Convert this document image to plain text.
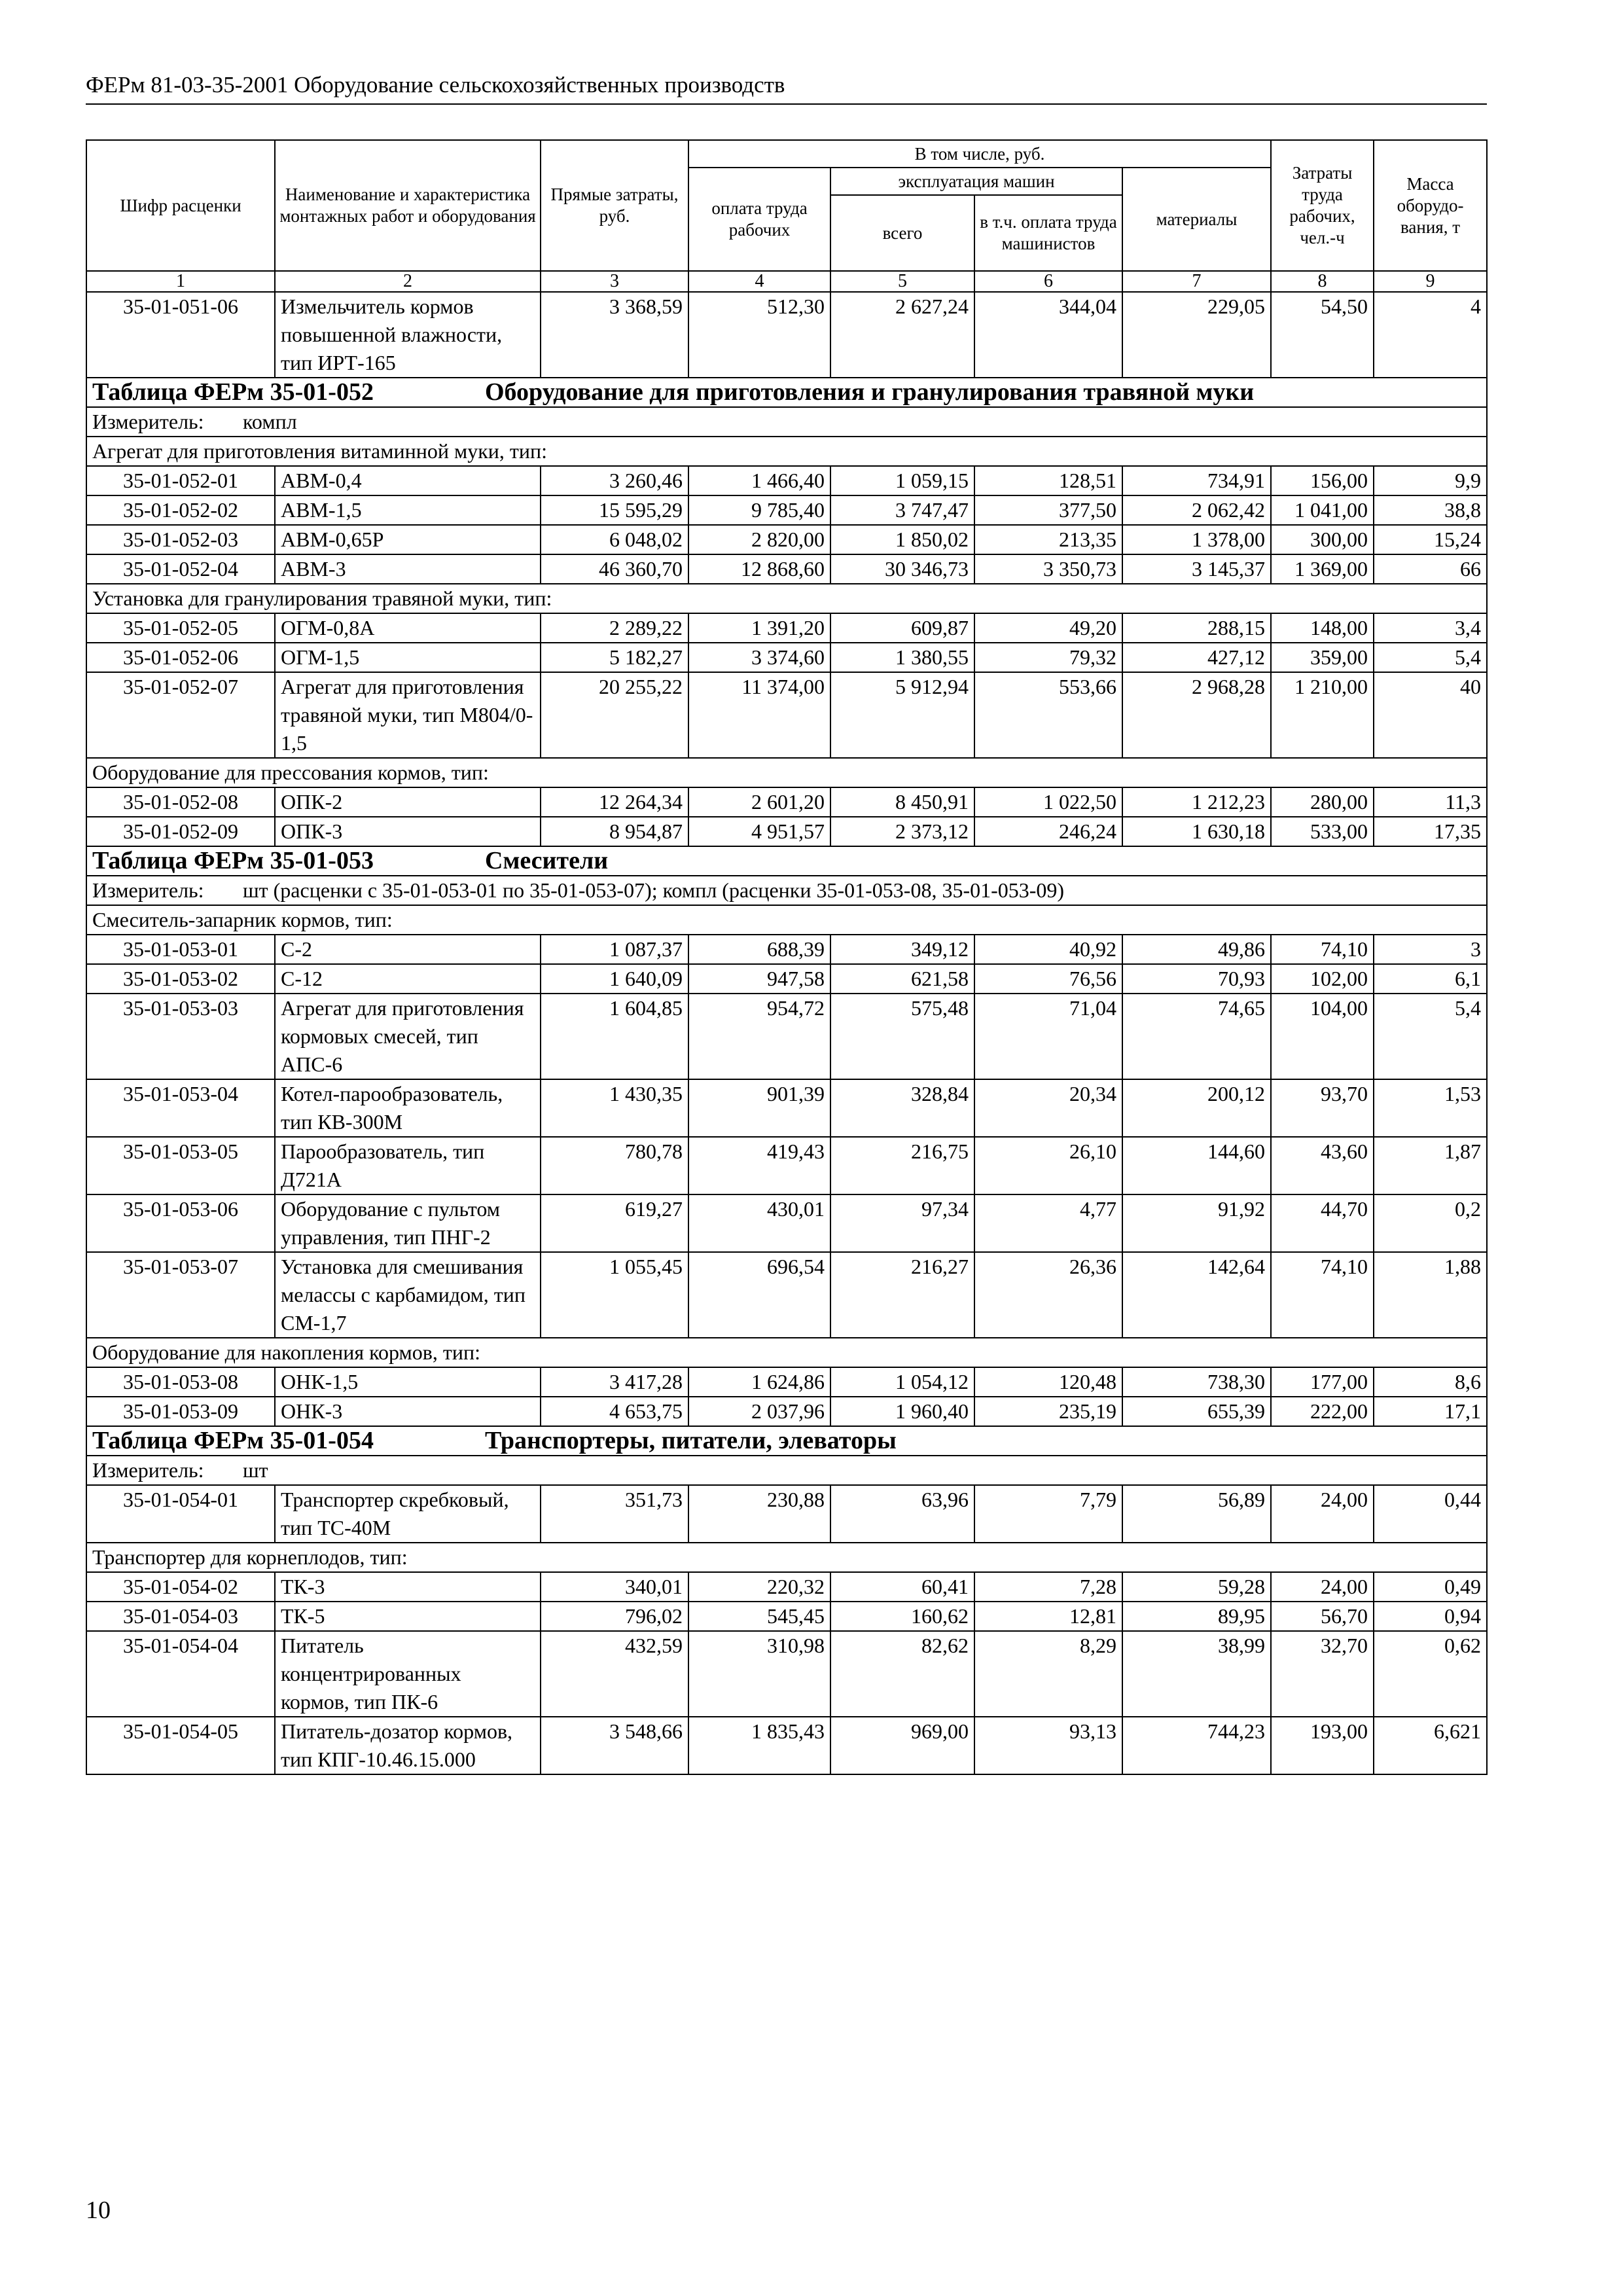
ФЕРм 81-03-35-2001 Оборудование сельскохозяйственных производств
Шифр расценки	Наименование и характеристика монтажных работ и оборудования	Прямые затраты, руб.	В том числе, руб.				Затраты труда рабочих, чел.-ч	Масса оборудо-вания, т
			оплата труда рабочих	эксплуатация машин		материалы		
				всего	в т.ч. оплата труда машинистов			
1	2	3	4	5	6	7	8	9
35-01-051-06	Измельчитель кормов повышенной влажности, тип ИРТ-165	3 368,59	512,30	2 627,24	344,04	229,05	54,50	4
Таблица ФЕРм 35-01-052 Оборудование для приготовления и гранулирования травяной муки								
Измеритель: компл								
Агрегат для приготовления витаминной муки, тип:								
35-01-052-01	АВМ-0,4	3 260,46	1 466,40	1 059,15	128,51	734,91	156,00	9,9
35-01-052-02	АВМ-1,5	15 595,29	9 785,40	3 747,47	377,50	2 062,42	1 041,00	38,8
35-01-052-03	АВМ-0,65Р	6 048,02	2 820,00	1 850,02	213,35	1 378,00	300,00	15,24
35-01-052-04	АВМ-3	46 360,70	12 868,60	30 346,73	3 350,73	3 145,37	1 369,00	66
Установка для гранулирования травяной муки, тип:								
35-01-052-05	ОГМ-0,8А	2 289,22	1 391,20	609,87	49,20	288,15	148,00	3,4
35-01-052-06	ОГМ-1,5	5 182,27	3 374,60	1 380,55	79,32	427,12	359,00	5,4
35-01-052-07	Агрегат для приготовления травяной муки, тип М804/0-1,5	20 255,22	11 374,00	5 912,94	553,66	2 968,28	1 210,00	40
Оборудование для прессования кормов, тип:								
35-01-052-08	ОПК-2	12 264,34	2 601,20	8 450,91	1 022,50	1 212,23	280,00	11,3
35-01-052-09	ОПК-3	8 954,87	4 951,57	2 373,12	246,24	1 630,18	533,00	17,35
Таблица ФЕРм 35-01-053 Смесители								
Измеритель: шт (расценки с 35-01-053-01 по 35-01-053-07); компл (расценки 35-01-053-08, 35-01-053-09)								
Смеситель-запарник кормов, тип:								
35-01-053-01	С-2	1 087,37	688,39	349,12	40,92	49,86	74,10	3
35-01-053-02	С-12	1 640,09	947,58	621,58	76,56	70,93	102,00	6,1
35-01-053-03	Агрегат для приготовления кормовых смесей, тип АПС-6	1 604,85	954,72	575,48	71,04	74,65	104,00	5,4
35-01-053-04	Котел-парообразователь, тип КВ-300М	1 430,35	901,39	328,84	20,34	200,12	93,70	1,53
35-01-053-05	Парообразователь, тип Д721А	780,78	419,43	216,75	26,10	144,60	43,60	1,87
35-01-053-06	Оборудование с пультом управления, тип ПНГ-2	619,27	430,01	97,34	4,77	91,92	44,70	0,2
35-01-053-07	Установка для смешивания мелассы с карбамидом, тип СМ-1,7	1 055,45	696,54	216,27	26,36	142,64	74,10	1,88
Оборудование для накопления кормов, тип:								
35-01-053-08	ОНК-1,5	3 417,28	1 624,86	1 054,12	120,48	738,30	177,00	8,6
35-01-053-09	ОНК-3	4 653,75	2 037,96	1 960,40	235,19	655,39	222,00	17,1
Таблица ФЕРм 35-01-054 Транспортеры, питатели, элеваторы								
Измеритель: шт								
35-01-054-01	Транспортер скребковый, тип ТС-40М	351,73	230,88	63,96	7,79	56,89	24,00	0,44
Транспортер для корнеплодов, тип:								
35-01-054-02	ТК-3	340,01	220,32	60,41	7,28	59,28	24,00	0,49
35-01-054-03	ТК-5	796,02	545,45	160,62	12,81	89,95	56,70	0,94
35-01-054-04	Питатель концентрированных кормов, тип ПК-6	432,59	310,98	82,62	8,29	38,99	32,70	0,62
35-01-054-05	Питатель-дозатор кормов, тип КПГ-10.46.15.000	3 548,66	1 835,43	969,00	93,13	744,23	193,00	6,621
10
